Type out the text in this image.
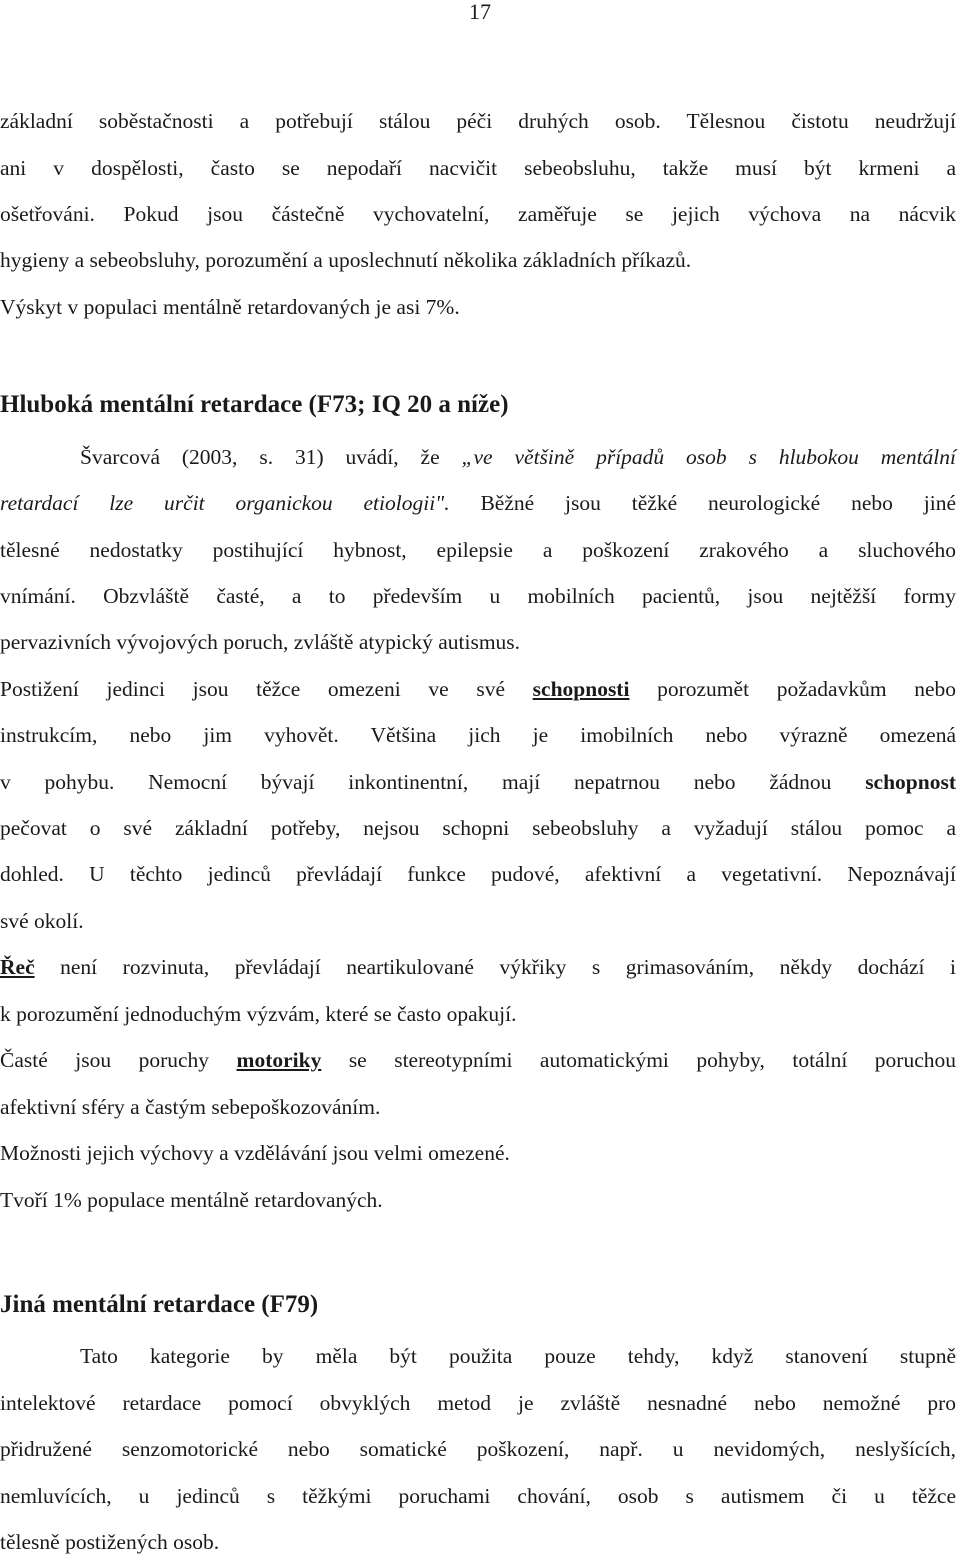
17
základní soběstačnosti a potřebují stálou péči druhých osob. Tělesnou čistotu neudržují
ani v dospělosti, často se nepodaří nacvičit sebeobsluhu, takže musí být krmeni a
ošetřováni. Pokud jsou částečně vychovatelní, zaměřuje se jejich výchova na nácvik
hygieny a sebeobsluhy, porozumění a uposlechnutí několika základních příkazů.
Výskyt v populaci mentálně retardovaných je asi 7%.
Hluboká mentální retardace (F73; IQ 20 a níže)
Švarcová (2003, s. 31) uvádí, že „ve většině případů osob s hlubokou mentální
retardací lze určit organickou etiologii". Běžné jsou těžké neurologické nebo jiné
tělesné nedostatky postihující hybnost, epilepsie a poškození zrakového a sluchového
vnímání. Obzvláště časté, a to především u mobilních pacientů, jsou nejtěžší formy
pervazivních vývojových poruch, zvláště atypický autismus.
Postižení jedinci jsou těžce omezeni ve své schopnosti porozumět požadavkům nebo
instrukcím, nebo jim vyhovět. Většina jich je imobilních nebo výrazně omezená
v pohybu. Nemocní bývají inkontinentní, mají nepatrnou nebo žádnou schopnost
pečovat o své základní potřeby, nejsou schopni sebeobsluhy a vyžadují stálou pomoc a
dohled. U těchto jedinců převládají funkce pudové, afektivní a vegetativní. Nepoznávají
své okolí.
Řeč není rozvinuta, převládají neartikulované výkřiky s grimasováním, někdy dochází i
k porozumění jednoduchým výzvám, které se často opakují.
Časté jsou poruchy motoriky se stereotypními automatickými pohyby, totální poruchou
afektivní sféry a častým sebepoškozováním.
Možnosti jejich výchovy a vzdělávání jsou velmi omezené.
Tvoří 1% populace mentálně retardovaných.
Jiná mentální retardace (F79)
Tato kategorie by měla být použita pouze tehdy, když stanovení stupně
intelektové retardace pomocí obvyklých metod je zvláště nesnadné nebo nemožné pro
přidružené senzomotorické nebo somatické poškození, např. u nevidomých, neslyšících,
nemluvících, u jedinců s těžkými poruchami chování, osob s autismem či u těžce
tělesně postižených osob.
